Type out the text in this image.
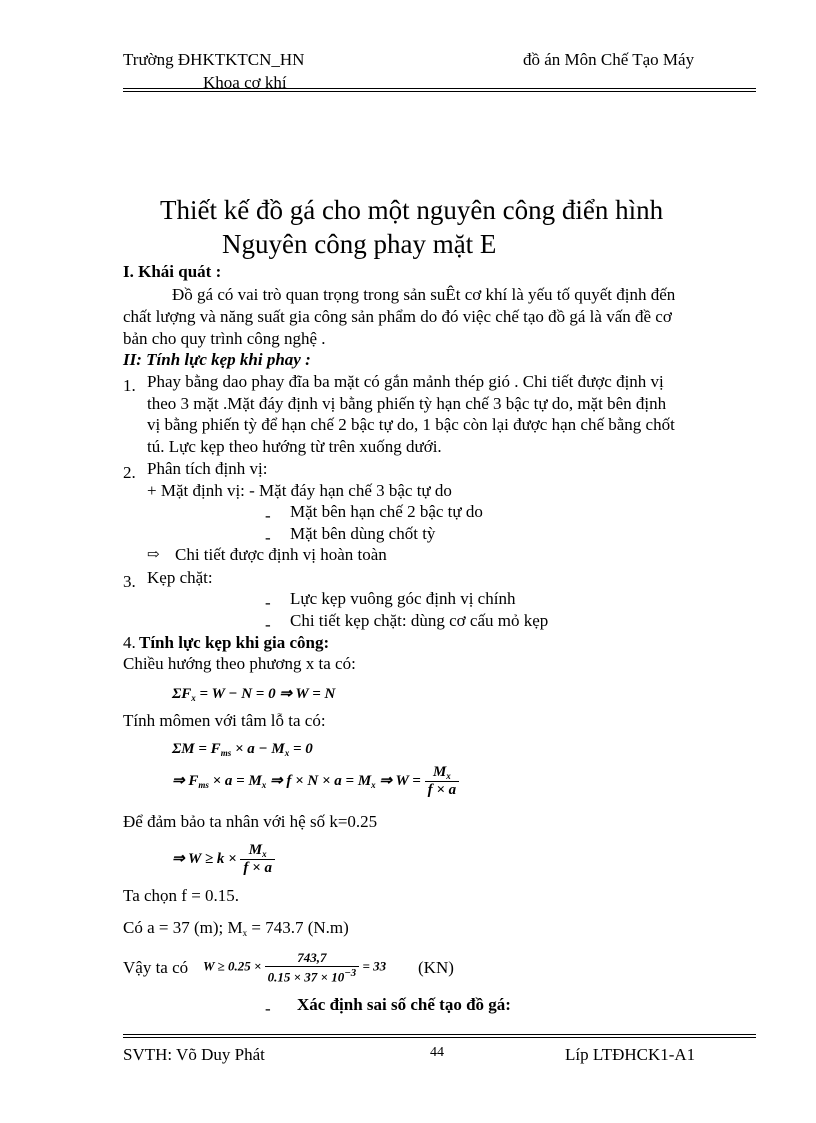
Trường ĐHKTKTCN_HN	đồ án Môn Chế Tạo Máy
Khoa cơ khí
Thiết kế đồ gá cho một nguyên công điển hình
Nguyên công phay mặt E
I. Khái quát :
Đồ gá có vai trò quan trọng trong sản suÊt cơ khí là yếu tố quyết định đến
chất lượng và năng suất gia công sản phẩm do đó việc chế tạo đồ gá là vấn đề cơ
bản cho quy trình công nghệ .
II: Tính lực kẹp khi phay :
1. Phay bằng dao phay đĩa ba mặt có gắn mảnh thép gió . Chi tiết được định vị
theo 3 mặt .Mặt đáy định vị bằng phiến tỳ hạn chế 3 bậc tự do, mặt bên định
vị bằng phiến tỳ để hạn chế 2 bậc tự do, 1 bậc còn lại được hạn chế bằng chốt
tú. Lực kẹp theo hướng từ trên xuống dưới.
2. Phân tích định vị:
+ Mặt định vị: - Mặt đáy hạn chế 3 bậc tự do
- Mặt bên hạn chế 2 bậc tự do
- Mặt bên dùng chốt tỳ
⇨ Chi tiết được định vị hoàn toàn
3. Kẹp chặt:
- Lực kẹp vuông góc định vị chính
- Chi tiết kẹp chặt: dùng cơ cấu mỏ kẹp
4. Tính lực kẹp khi gia công:
Chiều hướng theo phương x ta có:
$\Sigma F_x = W - N = 0$ ⇒ W = N
Tính mômen với tâm lỗ ta có:
$\Sigma M = F_{ms} \times a - M_x = 0$
⇒ $F_{ms} \times a = M_x$ ⇒ $f \times N \times a = M_x$ ⇒ $W = \frac{M_x}{f \times a}$
Để đảm bảo ta nhân với hệ số k=0.25
⇒ $W \ge k \times \frac{M_x}{f \times a}$
Ta chọn f = 0.15.
Có a = 37 (m); $M_x = 743.7$ (N.m)
Vậy ta có $W \ge 0.25 \times \frac{743,7}{0.15 \times 37 \times 10^{-3}} = 33$ (KN)
- Xác định sai số chế tạo đồ gá:
SVTH: Võ Duy Phát	44	Líp LTĐHCK1-A1
